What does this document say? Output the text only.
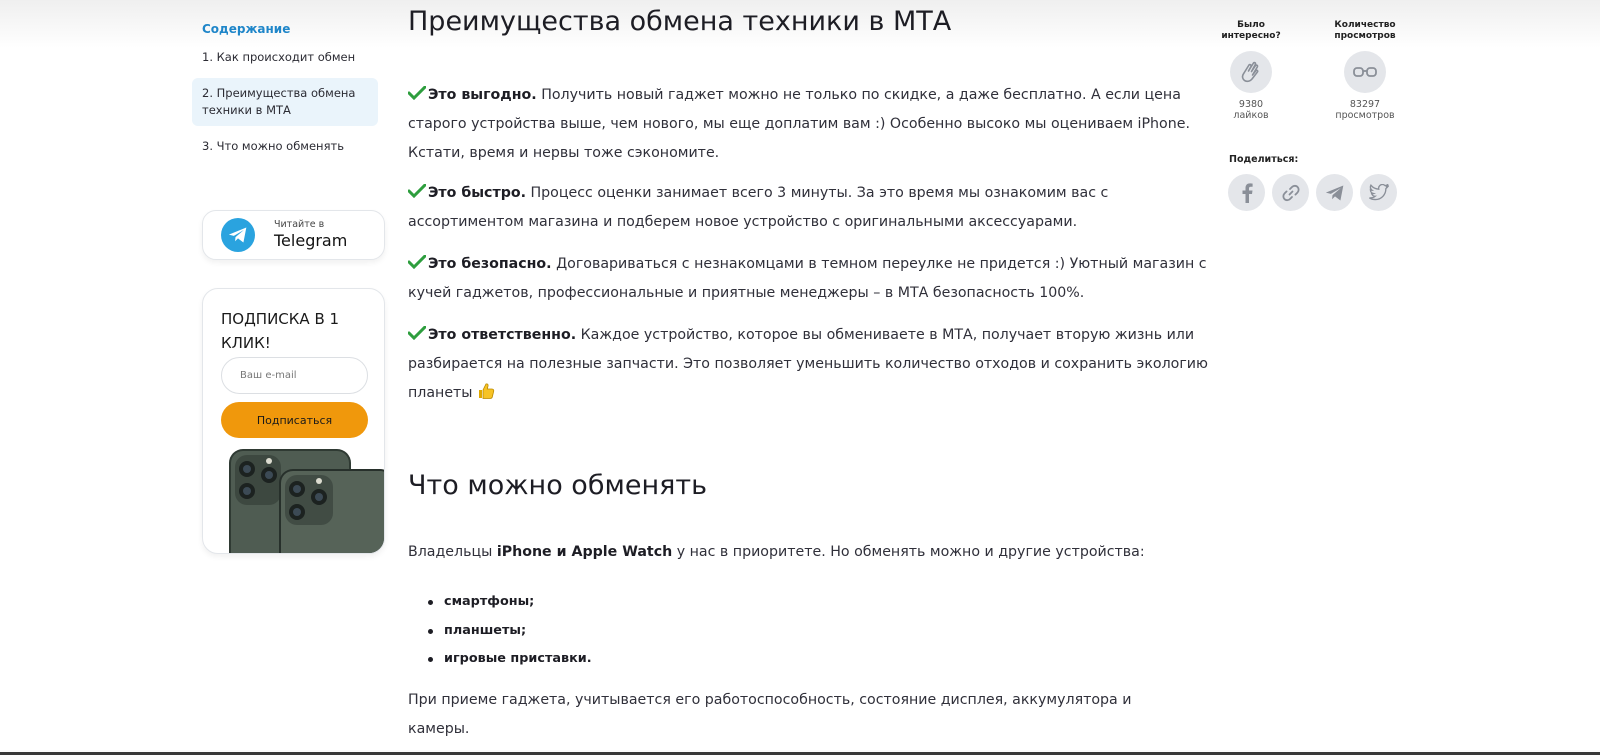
Содержание
1. Как происходит обмен
2. Преимущества обмена техники в МТА
3. Что можно обменять
Читайте в
Telegram
ПОДПИСКА В 1 КЛИК!
Ваш e-mail
Подписаться
Преимущества обмена техники в МТА

Это выгодно. Получить новый гаджет можно не только по скидке, а даже бесплатно. А если цена старого устройства выше, чем нового, мы еще доплатим вам :) Особенно высоко мы оцениваем iPhone. Кстати, время и нервы тоже сэкономите.

Это быстро. Процесс оценки занимает всего 3 минуты. За это время мы ознакомим вас с ассортиментом магазина и подберем новое устройство с оригинальными аксессуарами.

Это безопасно. Договариваться с незнакомцами в темном переулке не придется :) Уютный магазин с кучей гаджетов, профессиональные и приятные менеджеры – в МТА безопасность 100%.

Это ответственно. Каждое устройство, которое вы обмениваете в МТА, получает вторую жизнь или разбирается на полезные запчасти. Это позволяет уменьшить количество отходов и сохранить экологию планеты

Что можно обменять

Владельцы iPhone и Apple Watch у нас в приоритете. Но обменять можно и другие устройства:

смартфоны;
планшеты;
игровые приставки.

При приеме гаджета, учитывается его работоспособность, состояние дисплея, аккумулятора и камеры.

Было интересно?
9380
лайков
Количество просмотров
83297
просмотров
Поделиться:
